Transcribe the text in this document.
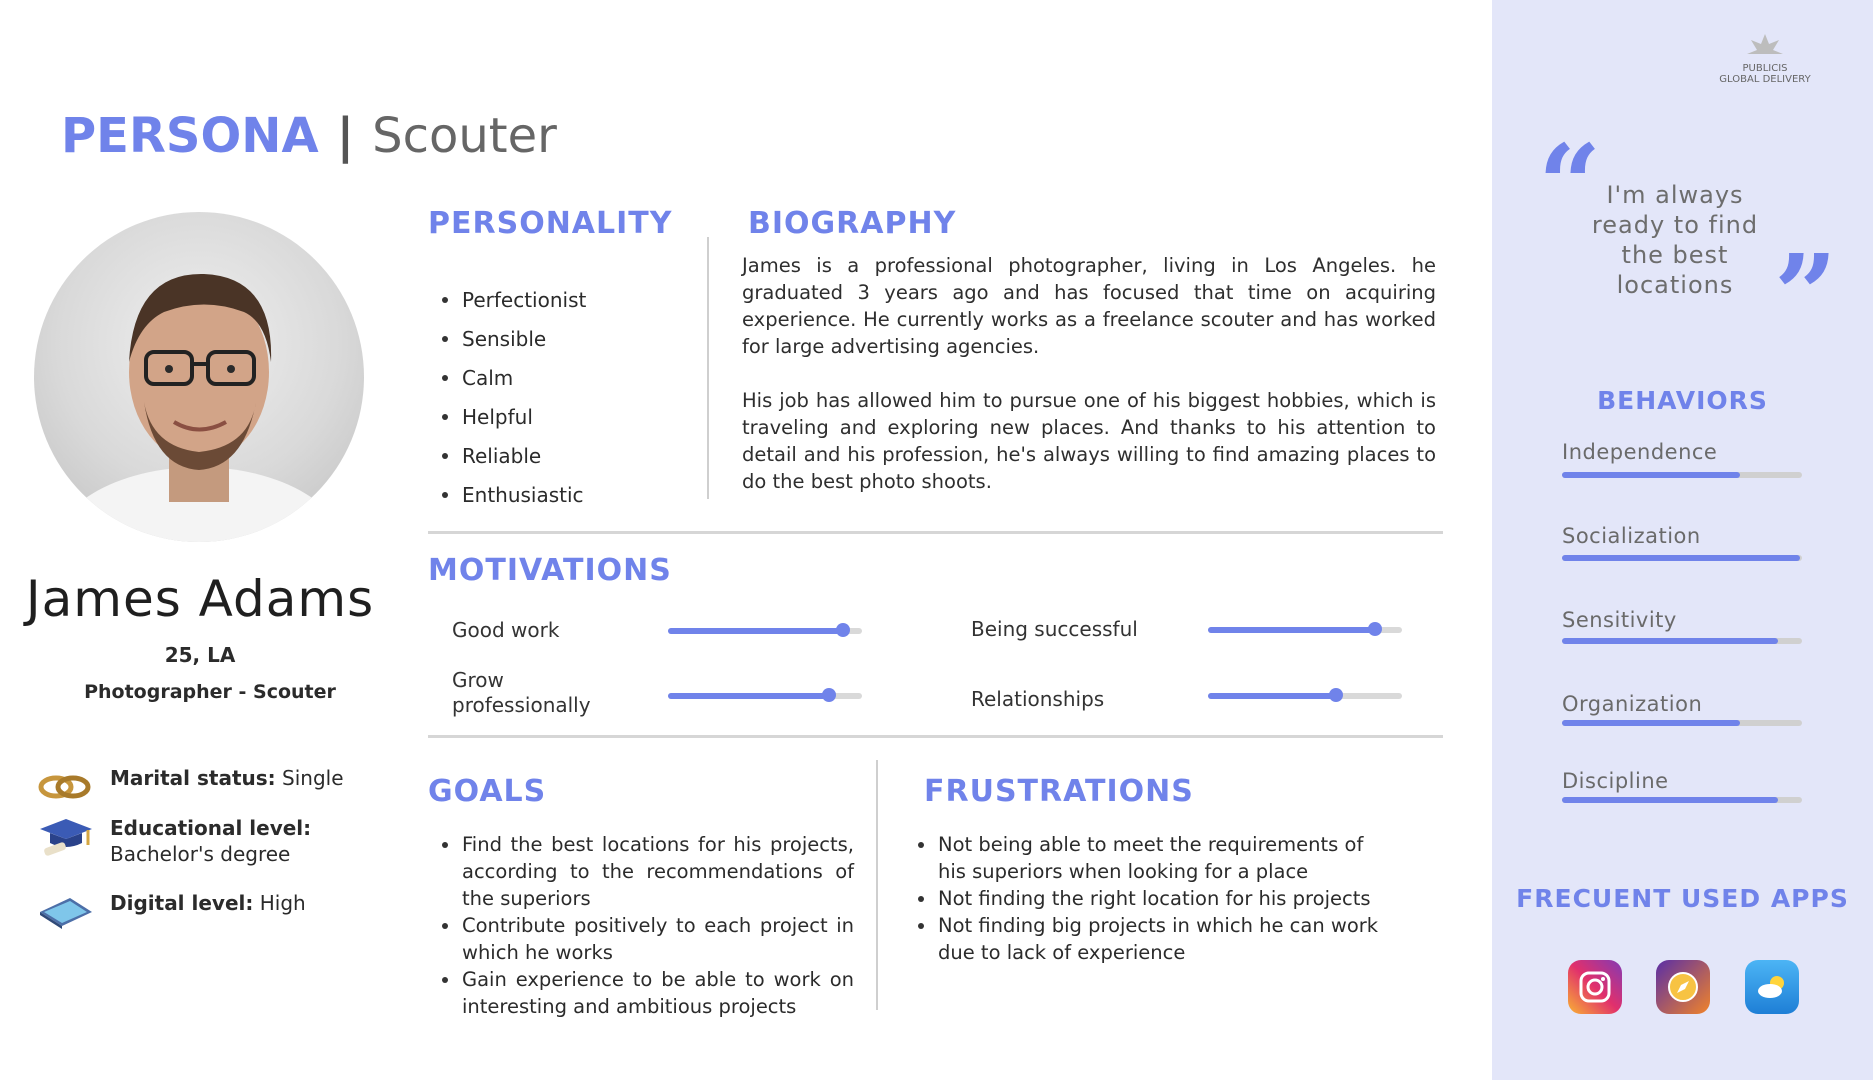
PERSONA | Scouter
James Adams
25, LA
Photographer - Scouter
Marital status: Single
Educational level:
Bachelor's degree
Digital level: High
PERSONALITY
Perfectionist
Sensible
Calm
Helpful
Reliable
Enthusiastic
BIOGRAPHY

James is a professional photographer, living in Los Angeles. he graduated 3 years ago and has focused that time on acquiring experience. He currently works as a freelance scouter and has worked for large advertising agencies.

His job has allowed him to pursue one of his biggest hobbies, which is traveling and exploring new places. And thanks to his attention to detail and his profession, he's always willing to find amazing places to do the best photo shoots.

MOTIVATIONS
Good work	Being successful
Grow professionally	Relationships
GOALS
Find the best locations for his projects, according to the recommendations of the superiors
Contribute positively to each project in which he works
Gain experience to be able to work on interesting and ambitious projects
FRUSTRATIONS
Not being able to meet the requirements of his superiors when looking for a place
Not finding the right location for his projects
Not finding big projects in which he can work due to lack of experience
PUBLICIS
GLOBAL DELIVERY
“ I'm always ready to find the best locations ”
BEHAVIORS
Independence
Socialization
Sensitivity
Organization
Discipline
FRECUENT USED APPS
